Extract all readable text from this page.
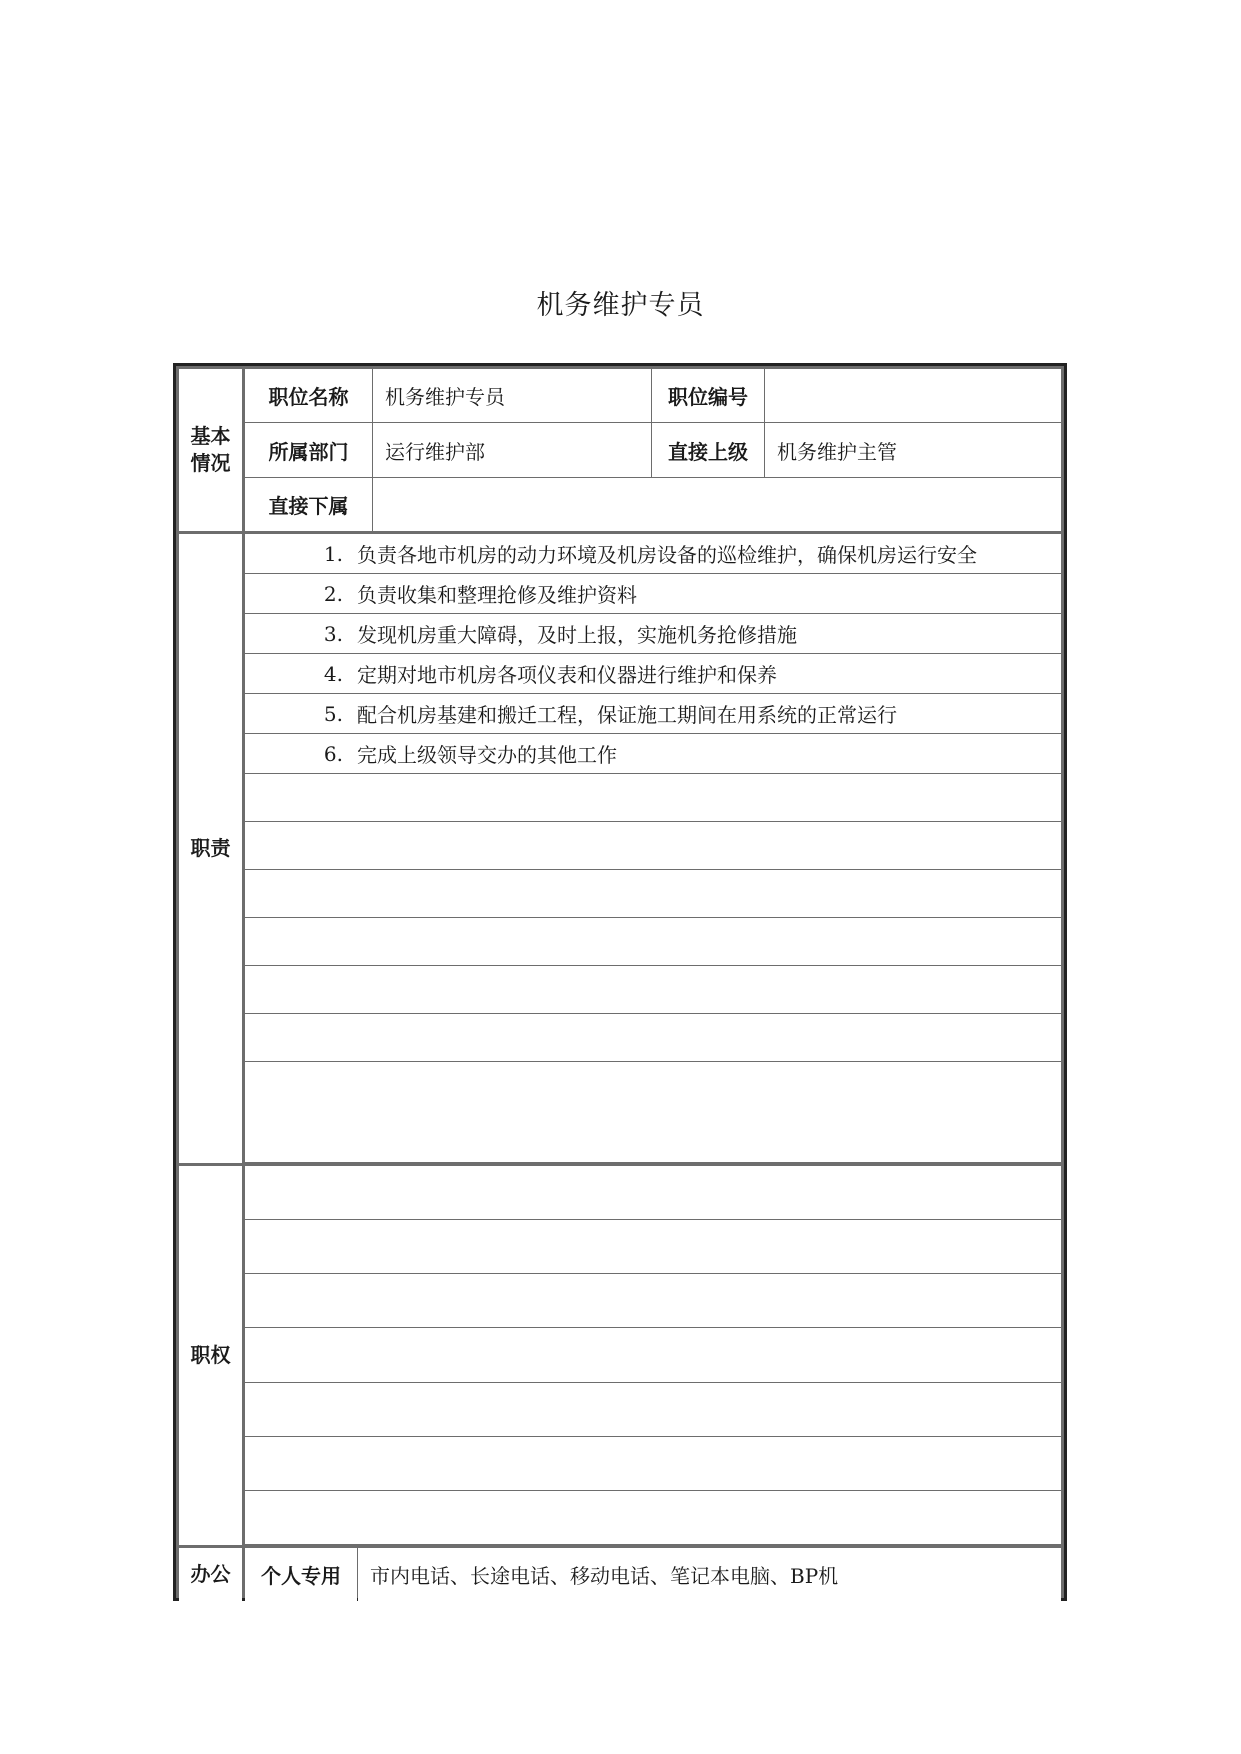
机务维护专员
基本
情况
职位名称	机务维护专员	职位编号
所属部门	运行维护部	直接上级	机务维护主管
直接下属
职责
1. 负责各地市机房的动力环境及机房设备的巡检维护，确保机房运行安全
2. 负责收集和整理抢修及维护资料
3. 发现机房重大障碍，及时上报，实施机务抢修措施
4. 定期对地市机房各项仪表和仪器进行维护和保养
5. 配合机房基建和搬迁工程，保证施工期间在用系统的正常运行
6. 完成上级领导交办的其他工作
职权
办公	个人专用	市内电话、长途电话、移动电话、笔记本电脑、BP机
